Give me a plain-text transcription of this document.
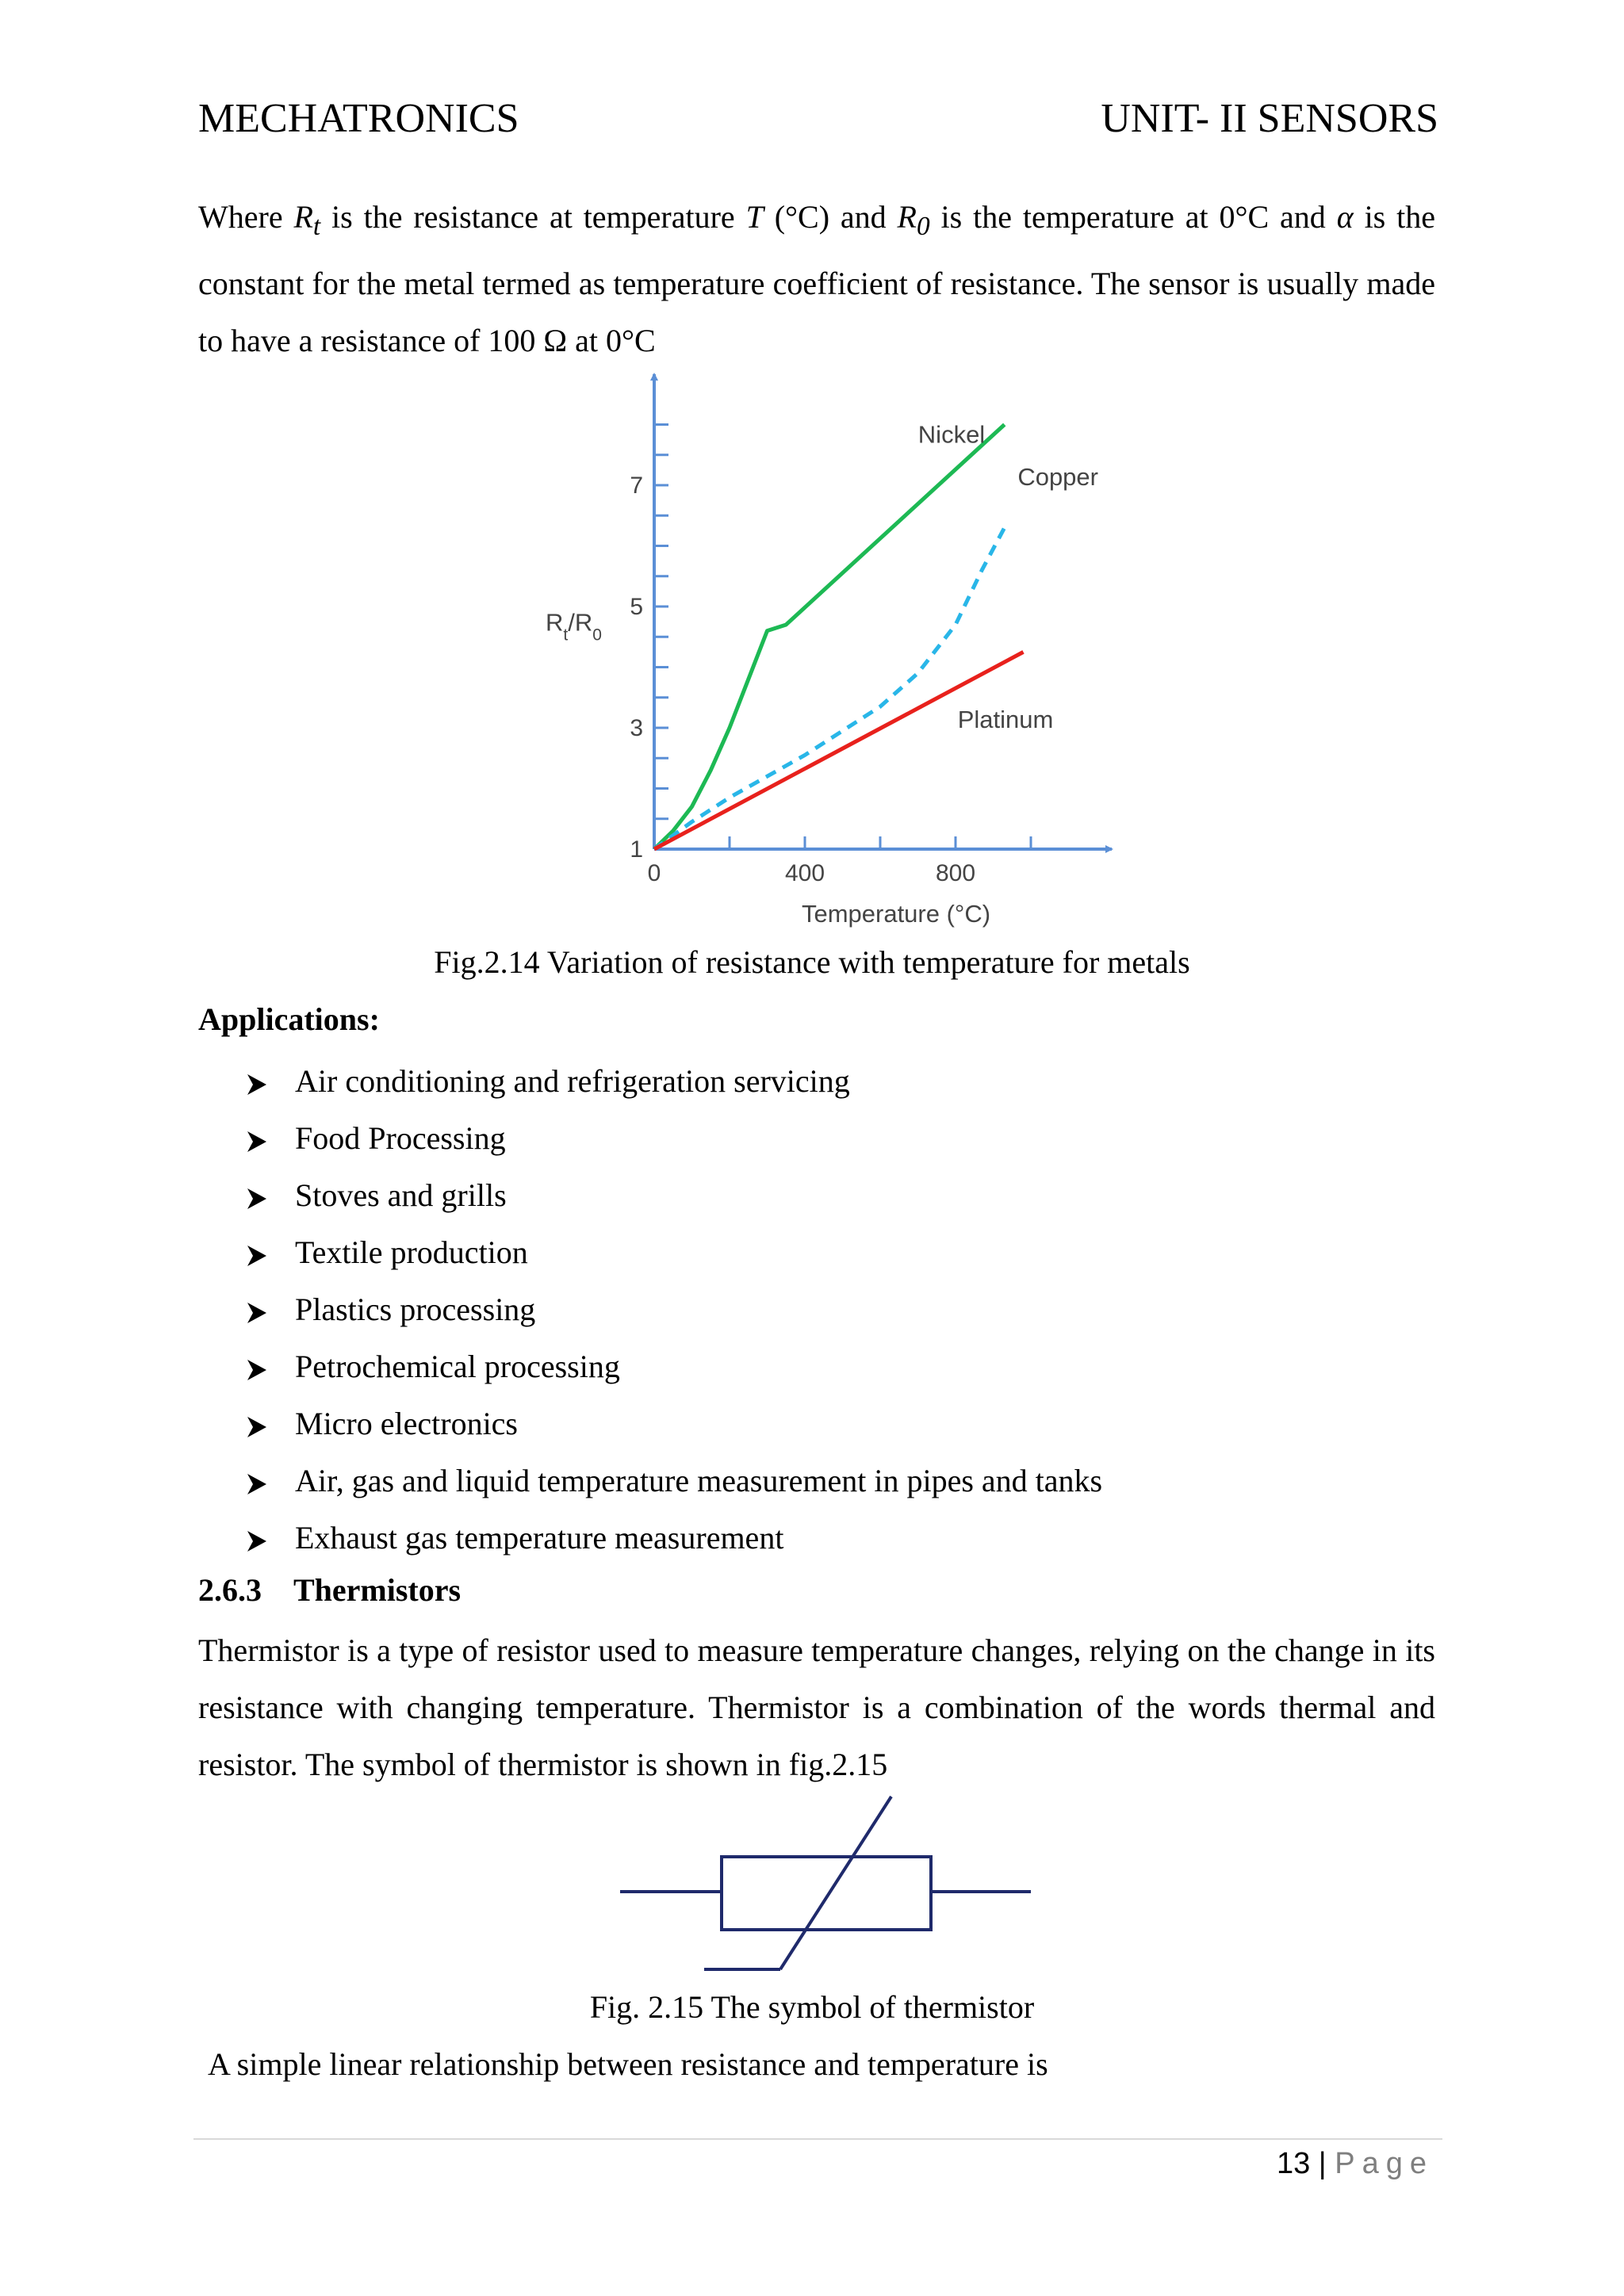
MECHATRONICS	UNIT- II SENSORS

Where $R_t$ is the resistance at temperature T (°C) and $R_0$ is the temperature at 0°C and α is the constant for the metal termed as temperature coefficient of resistance. The sensor is usually made to have a resistance of 100 Ω at 0°C

1
3
5
7
0	400	800
Temperature (°C)
$R_t/R_0$
Nickel
Copper
Platinum
Fig.2.14 Variation of resistance with temperature for metals
Applications:
Air conditioning and refrigeration servicing
Food Processing
Stoves and grills
Textile production
Plastics processing
Petrochemical processing
Micro electronics
Air, gas and liquid temperature measurement in pipes and tanks
Exhaust gas temperature measurement
2.6.3 Thermistors

Thermistor is a type of resistor used to measure temperature changes, relying on the change in its resistance with changing temperature. Thermistor is a combination of the words thermal and resistor. The symbol of thermistor is shown in fig.2.15

Fig. 2.15 The symbol of thermistor
A simple linear relationship between resistance and temperature is
13 | Page
